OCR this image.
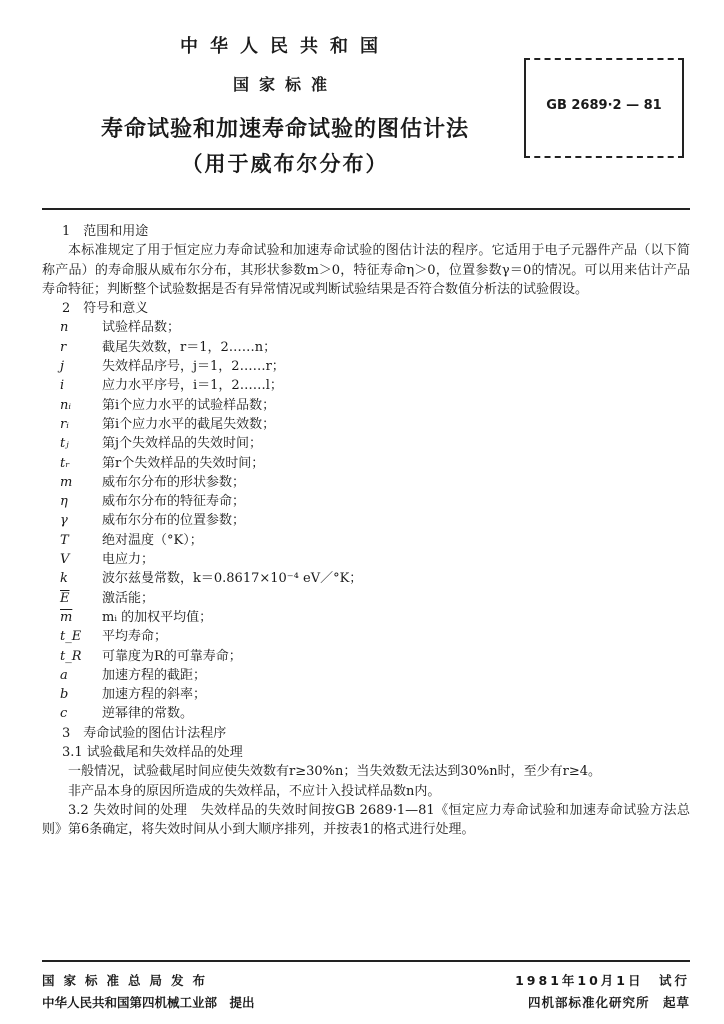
中华人民共和国
国家标准
寿命试验和加速寿命试验的图估计法
（用于威布尔分布）
GB 2689·2 — 81
1　范围和用途
本标准规定了用于恒定应力寿命试验和加速寿命试验的图估计法的程序。它适用于电子元器件产品（以下简称产品）的寿命服从威布尔分布，其形状参数m＞0，特征寿命η＞0，位置参数γ＝0的情况。可以用来估计产品寿命特征；判断整个试验数据是否有异常情况或判断试验结果是否符合数值分析法的试验假设。
2　符号和意义
n	试验样品数；
r	截尾失效数，r＝1，2……n；
j	失效样品序号，j＝1，2……r；
i	应力水平序号，i＝1，2……l；
nᵢ	第i个应力水平的试验样品数；
rᵢ	第i个应力水平的截尾失效数；
tⱼ	第j个失效样品的失效时间；
tᵣ	第r个失效样品的失效时间；
m	威布尔分布的形状参数；
η	威布尔分布的特征寿命；
γ	威布尔分布的位置参数；
T	绝对温度（°K）；
V	电应力；
k	波尔兹曼常数，k＝0.8617×10⁻⁴ eV／°K；
$\overline{E}$	激活能；
$\overline{m}$	mᵢ 的加权平均值；
t_E	平均寿命；
t_R	可靠度为R的可靠寿命；
a	加速方程的截距；
b	加速方程的斜率；
c	逆幂律的常数。
3　寿命试验的图估计法程序
3.1 试验截尾和失效样品的处理
一般情况，试验截尾时间应使失效数有r≥30%n；当失效数无法达到30%n时，至少有r≥4。
非产品本身的原因所造成的失效样品，不应计入投试样品数n内。
3.2 失效时间的处理　失效样品的失效时间按GB 2689·1—81《恒定应力寿命试验和加速寿命试验方法总则》第6条确定，将失效时间从小到大顺序排列，并按表1的格式进行处理。
国家标准总局发布
中华人民共和国第四机械工业部　提出
1981年10月1日　试行
四机部标准化研究所　起草
